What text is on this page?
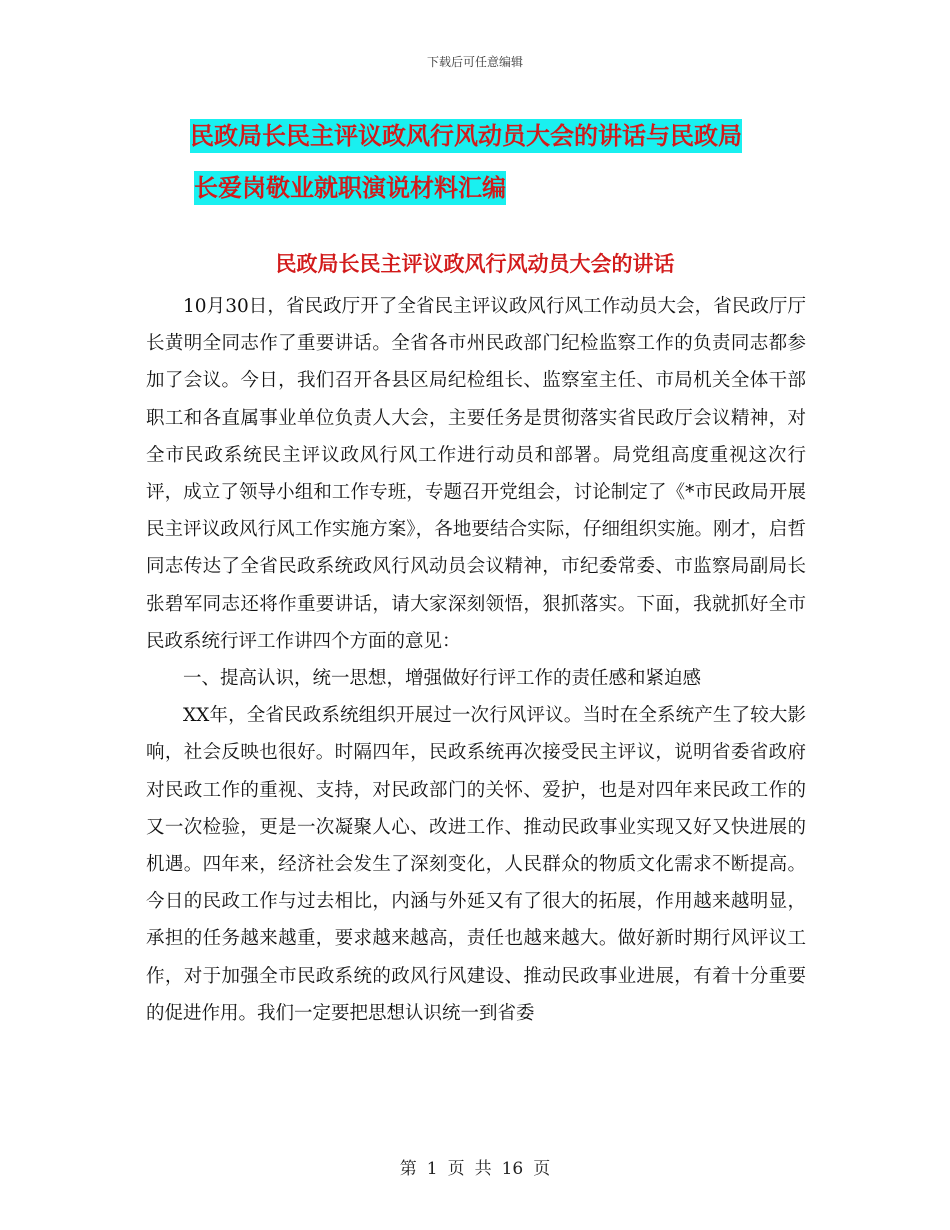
下载后可任意编辑
民政局长民主评议政风行风动员大会的讲话与民政局
长爱岗敬业就职演说材料汇编
民政局长民主评议政风行风动员大会的讲话

10月30日，省民政厅开了全省民主评议政风行风工作动员大会，省民政厅厅长黄明全同志作了重要讲话。全省各市州民政部门纪检监察工作的负责同志都参加了会议。今日，我们召开各县区局纪检组长、监察室主任、市局机关全体干部职工和各直属事业单位负责人大会，主要任务是贯彻落实省民政厅会议精神，对全市民政系统民主评议政风行风工作进行动员和部署。局党组高度重视这次行评，成立了领导小组和工作专班，专题召开党组会，讨论制定了《*市民政局开展民主评议政风行风工作实施方案》，各地要结合实际，仔细组织实施。刚才，启哲同志传达了全省民政系统政风行风动员会议精神，市纪委常委、市监察局副局长张碧军同志还将作重要讲话，请大家深刻领悟，狠抓落实。下面，我就抓好全市民政系统行评工作讲四个方面的意见：

一、提高认识，统一思想，增强做好行评工作的责任感和紧迫感

XX年，全省民政系统组织开展过一次行风评议。当时在全系统产生了较大影响，社会反映也很好。时隔四年，民政系统再次接受民主评议，说明省委省政府对民政工作的重视、支持，对民政部门的关怀、爱护，也是对四年来民政工作的又一次检验，更是一次凝聚人心、改进工作、推动民政事业实现又好又快进展的机遇。四年来，经济社会发生了深刻变化，人民群众的物质文化需求不断提高。今日的民政工作与过去相比，内涵与外延又有了很大的拓展，作用越来越明显，承担的任务越来越重，要求越来越高，责任也越来越大。做好新时期行风评议工作，对于加强全市民政系统的政风行风建设、推动民政事业进展，有着十分重要的促进作用。我们一定要把思想认识统一到省委

第 1 页 共 16 页
